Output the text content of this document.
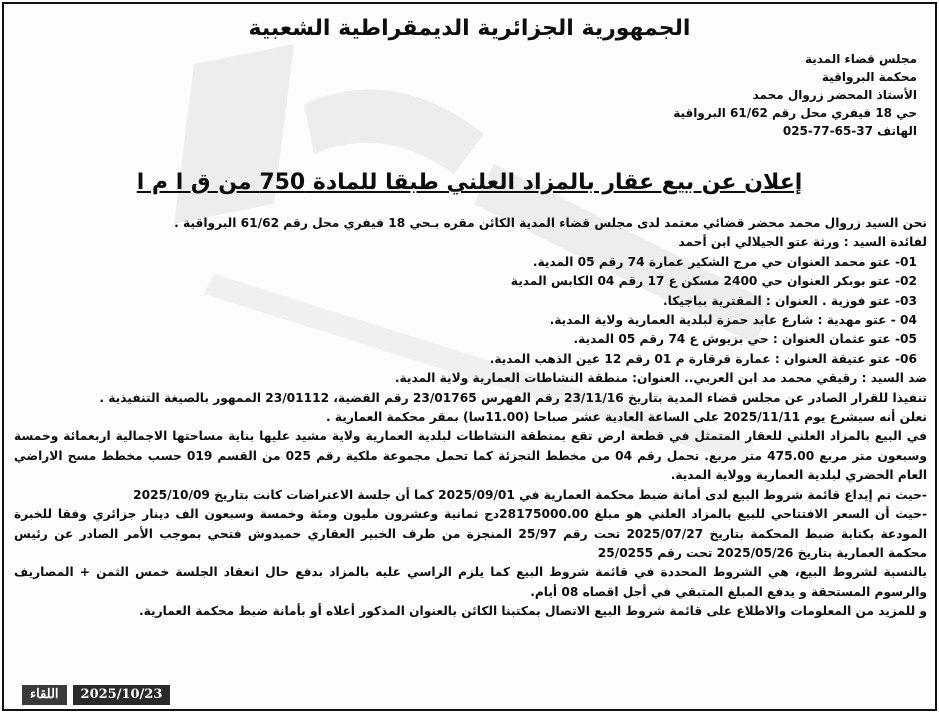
الجمهورية الجزائرية الديمقراطية الشعبية
مجلس قضاء المدية
محكمة البرواقية
الأستاذ المحضر زروال محمد
حي 18 فيفري محل رقم 61/62 البرواقية
الهاتف 37-65-77-025
إعلان عن بيع عقار بالمزاد العلني طبقا للمادة 750 من ق ا م ا
نحن السيد زروال محمد محضر قضائي معتمد لدى مجلس قضاء المدية الكائن مقره بـحي 18 فيفري محل رقم 61/62 البرواقية .
لفائدة السيد : ورثة عتو الجيلالي ابن أحمد
01- عتو محمد العنوان حي مرج الشكير عمارة 74 رقم 05 المدية.
02- عتو بوبكر العنوان حي 2400 مسكن ع 17 رقم 04 الكابس المدية
03- عتو فوزية . العنوان : المقترية بباجيكا.
04 - عتو مهدية : شارع عابد حمزة لبلدية العمارية ولاية المدية.
05- عتو عثمان العنوان : حي بزيوش ع 74 رقم 05 المدية.
06- عتو عتيقة العنوان : عمارة قرقارة م 01 رقم 12 عين الذهب المدية.
ضد السيد : رقيقي محمد مد ابن العربي.. العنوان: منطقة النشاطات العمارية ولاية المدية.
تنفيذا للقرار الصادر عن مجلس قضاء المدية بتاريخ 23/11/16 رقم الفهرس 23/01765 رقم القضية، 23/01112 الممهور بالصيغة التنفيذية .
نعلن أنه سيشرع يوم 2025/11/11 على الساعة العادية عشر صباحا (11.00سا) بمقر محكمة العمارية .
في البيع بالمزاد العلني للعقار المتمثل في قطعة ارض تقع بمنطقة النشاطات لبلدية العمارية ولاية مشيد عليها بناية مساحتها الاجمالية اربعمائة وخمسة وسبعون متر مربع 475.00 متر مربع. تحمل رقم 04 من مخطط التجزئة كما تحمل مجموعة ملكية رقم 025 من القسم 019 حسب مخطط مسح الاراضي العام الحضري لبلدية العمارية وولاية المدية.
-حيث تم إيداع قائمة شروط البيع لدى أمانة ضبط محكمة العمارية في 2025/09/01 كما أن جلسة الاعتراضات كانت بتاريخ 2025/10/09
-حيث أن السعر الافتتاحي للبيع بالمزاد العلني هو مبلغ 28175000.00دج ثمانية وعشرون مليون ومئة وخمسة وسبعون الف دينار جزائري وفقا للخبرة المودعة بكتابة ضبط المحكمة بتاريخ 2025/07/27 تحت رقم 25/97 المنجزة من طرف الخبير العقاري حميدوش فتحي بموجب الأمر الصادر عن رئيس محكمة العمارية بتاريخ 2025/05/26 تحت رقم 25/0255
بالنسبة لشروط البيع، هي الشروط المحددة في قائمة شروط البيع كما يلزم الراسي عليه بالمزاد بدفع حال انعقاد الجلسة خمس الثمن + المصاريف والرسوم المستحقة و يدفع المبلغ المتبقي في أجل اقصاه 08 أيام.
و للمزيد من المعلومات والاطلاع على قائمة شروط البيع الاتصال بمكتبنا الكائن بالعنوان المذكور أعلاه أو بأمانة ضبط محكمة العمارية.
اللقاء	2025/10/23
